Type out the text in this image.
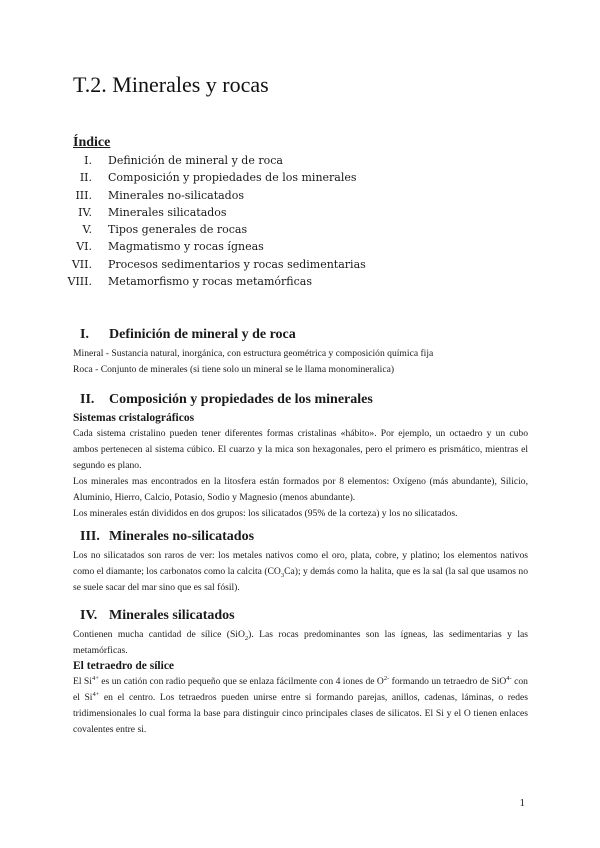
T.2. Minerales y rocas
Índice
I. Definición de mineral y de roca
II. Composición y propiedades de los minerales
III. Minerales no-silicatados
IV. Minerales silicatados
V. Tipos generales de rocas
VI. Magmatismo y rocas ígneas
VII. Procesos sedimentarios y rocas sedimentarias
VIII. Metamorfismo y rocas metamórficas
I. Definición de mineral y de roca

Mineral - Sustancia natural, inorgánica, con estructura geométrica y composición química fija

Roca - Conjunto de minerales (si tiene solo un mineral se le llama monomineralica)

II. Composición y propiedades de los minerales
Sistemas cristalográficos

Cada sistema cristalino pueden tener diferentes formas cristalinas «hábito». Por ejemplo, un octaedro y un cubo ambos pertenecen al sistema cúbico. El cuarzo y la mica son hexagonales, pero el primero es prismático, mientras el segundo es plano.

Los minerales mas encontrados en la litosfera están formados por 8 elementos: Oxígeno (más abundante), Silicio, Aluminio, Hierro, Calcio, Potasio, Sodio y Magnesio (menos abundante).

Los minerales están divididos en dos grupos: los silicatados (95% de la corteza) y los no silicatados.

III. Minerales no-silicatados

Los no silicatados son raros de ver: los metales nativos como el oro, plata, cobre, y platino; los elementos nativos como el diamante; los carbonatos como la calcita $(CO_3Ca)$; y demás como la halita, que es la sal (la sal que usamos no se suele sacar del mar sino que es sal fósil).

IV. Minerales silicatados

Contienen mucha cantidad de sílice (SiO$_2$). Las rocas predominantes son las ígneas, las sedimentarias y las metamórficas.

El tetraedro de sílice

El $Si^{4+}$ es un catión con radio pequeño que se enlaza fácilmente con 4 iones de $O^{2-}$ formando un tetraedro de SiO$^{4-}$ con el $Si^{4+}$ en el centro. Los tetraedros pueden unirse entre si formando parejas, anillos, cadenas, láminas, o redes tridimensionales lo cual forma la base para distinguir cinco principales clases de silicatos. El Si y el O tienen enlaces covalentes entre si.

1
